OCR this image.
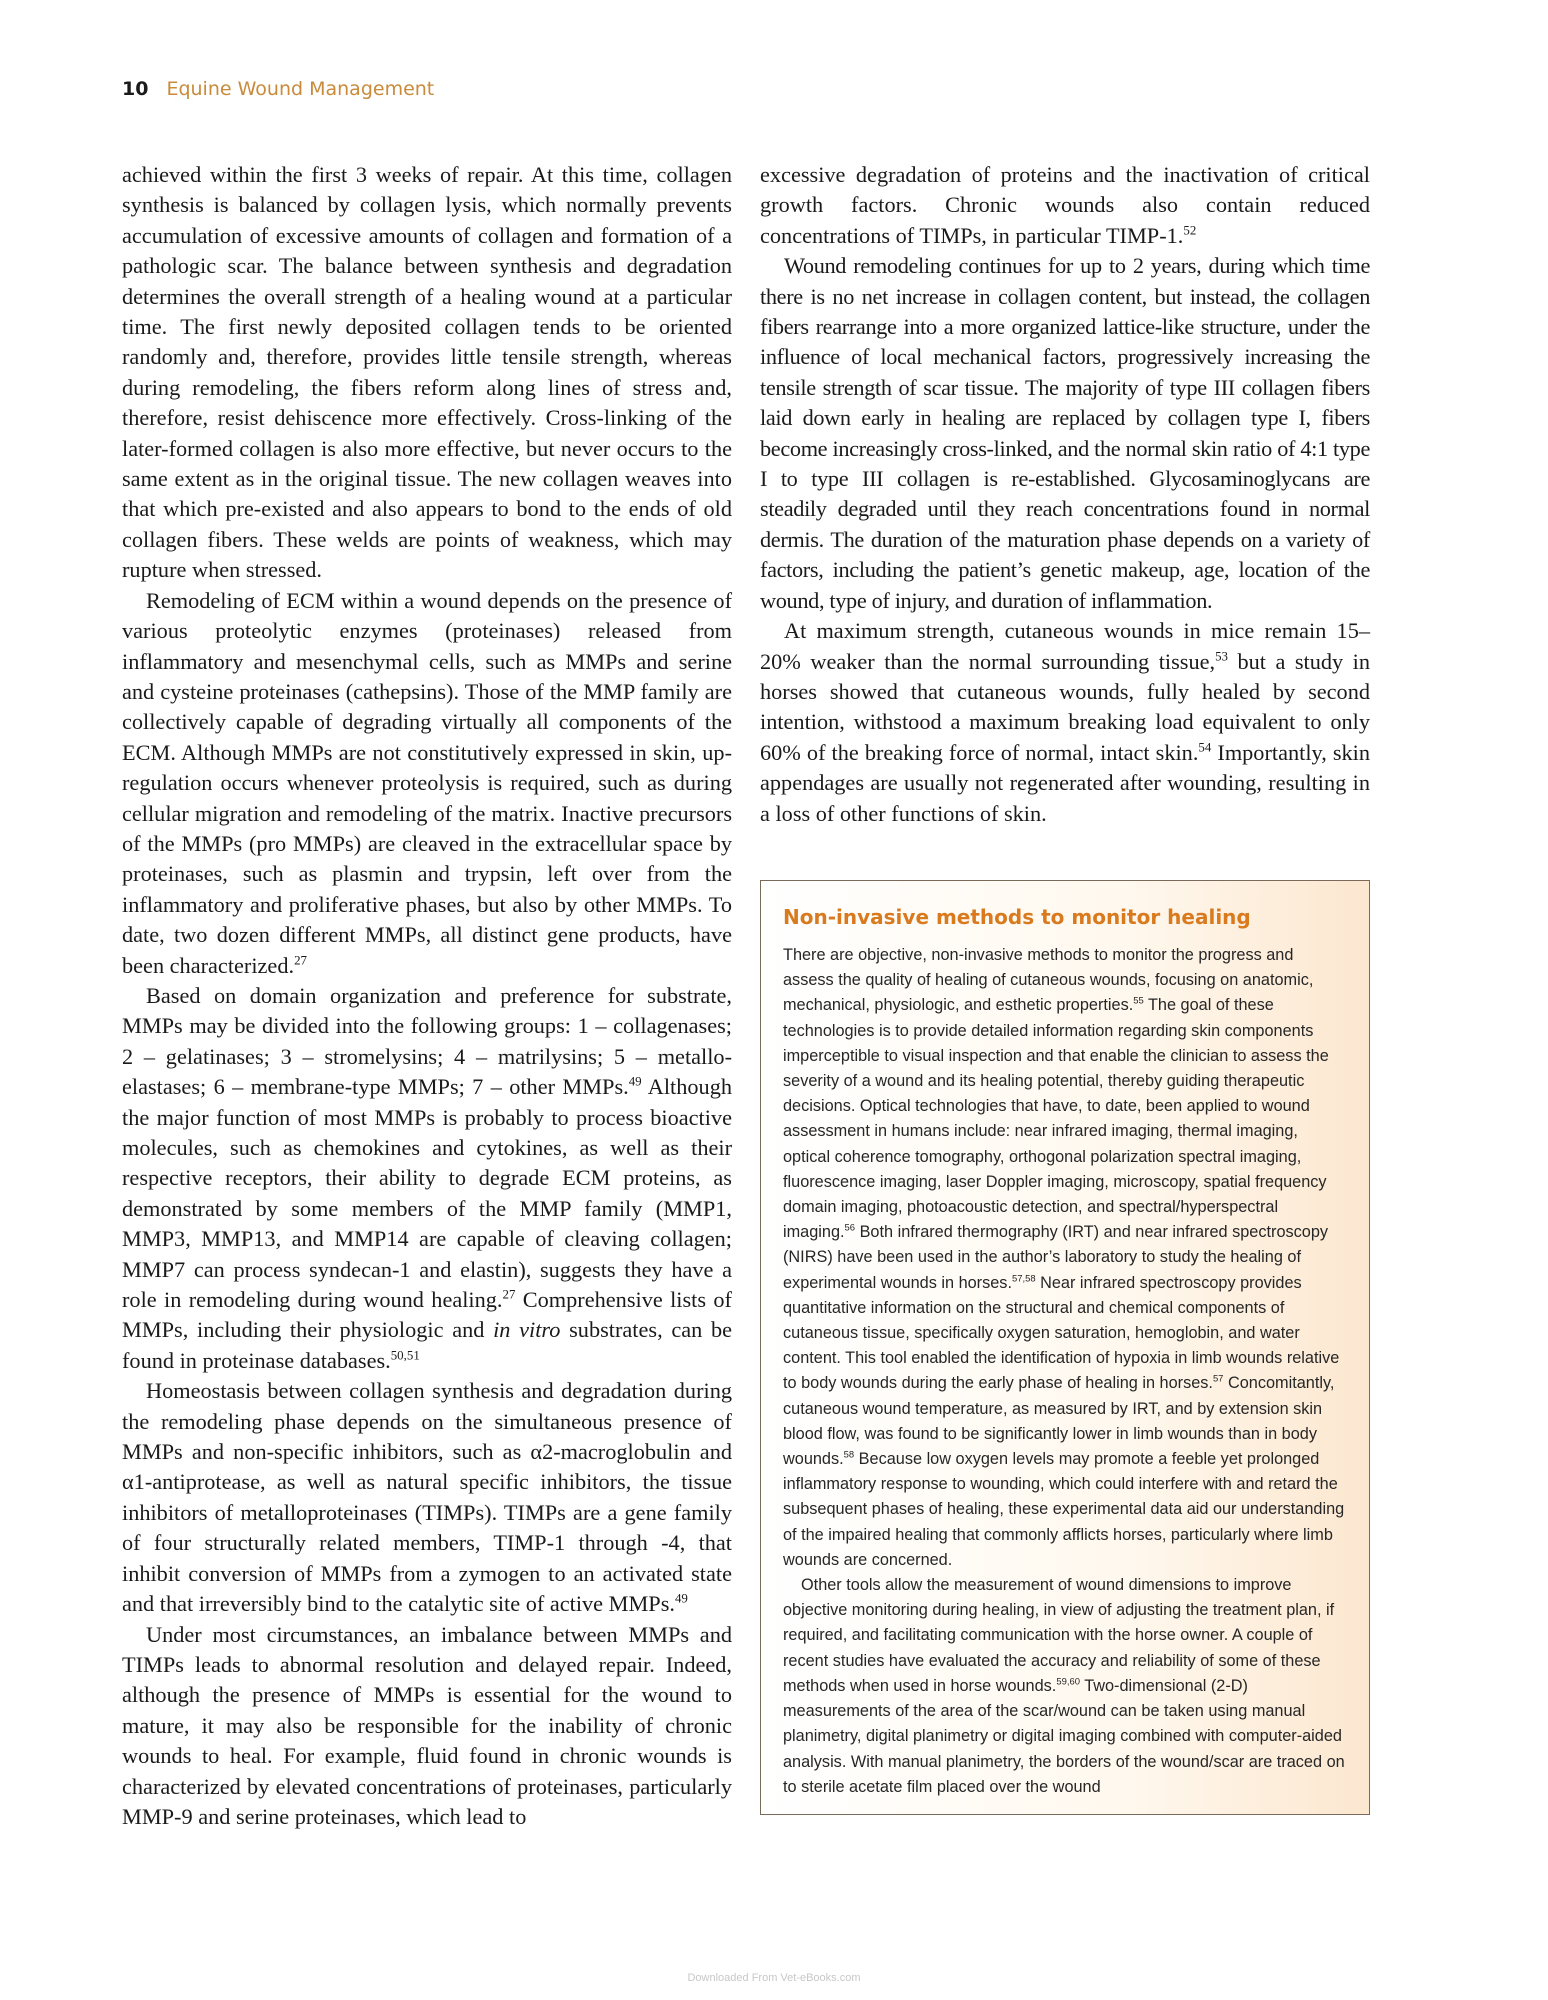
10 Equine Wound Management

achieved within the first 3 weeks of repair. At this time, collagen synthesis is balanced by collagen lysis, which normally prevents accumulation of excessive amounts of collagen and formation of a pathologic scar. The balance between synthesis and degradation determines the overall strength of a healing wound at a particular time. The first newly deposited collagen tends to be oriented randomly and, therefore, provides little tensile strength, whereas during remodeling, the fibers reform along lines of stress and, therefore, resist dehiscence more effectively. Cross-linking of the later-formed collagen is also more effective, but never occurs to the same extent as in the original tissue. The new collagen weaves into that which pre-existed and also appears to bond to the ends of old collagen fibers. These welds are points of weakness, which may rupture when stressed.

Remodeling of ECM within a wound depends on the presence of various proteolytic enzymes (proteinases) released from inflammatory and mesenchymal cells, such as MMPs and serine and cysteine proteinases (cathepsins). Those of the MMP family are collectively capable of degrading virtually all components of the ECM. Although MMPs are not constitutively expressed in skin, up-regulation occurs whenever proteolysis is required, such as during cellular migration and remodeling of the matrix. Inactive precursors of the MMPs (pro MMPs) are cleaved in the extracellular space by proteinases, such as plasmin and trypsin, left over from the inflammatory and proliferative phases, but also by other MMPs. To date, two dozen different MMPs, all distinct gene products, have been characterized.$^{27}$

Based on domain organization and preference for substrate, MMPs may be divided into the following groups: 1 – collagenases; 2 – gelatinases; 3 – stromelysins; 4 – matrilysins; 5 – metallo-elastases; 6 – membrane-type MMPs; 7 – other MMPs.$^{49}$ Although the major function of most MMPs is probably to process bioactive molecules, such as chemokines and cytokines, as well as their respective receptors, their ability to degrade ECM proteins, as demonstrated by some members of the MMP family (MMP1, MMP3, MMP13, and MMP14 are capable of cleaving collagen; MMP7 can process syndecan-1 and elastin), suggests they have a role in remodeling during wound healing.$^{27}$ Comprehensive lists of MMPs, including their physiologic and in vitro substrates, can be found in proteinase databases.$^{50,51}$

Homeostasis between collagen synthesis and degradation during the remodeling phase depends on the simultaneous presence of MMPs and non-specific inhibitors, such as α2-macroglobulin and α1-antiprotease, as well as natural specific inhibitors, the tissue inhibitors of metalloproteinases (TIMPs). TIMPs are a gene family of four structurally related members, TIMP-1 through -4, that inhibit conversion of MMPs from a zymogen to an activated state and that irreversibly bind to the catalytic site of active MMPs.$^{49}$

Under most circumstances, an imbalance between MMPs and TIMPs leads to abnormal resolution and delayed repair. Indeed, although the presence of MMPs is essential for the wound to mature, it may also be responsible for the inability of chronic wounds to heal. For example, fluid found in chronic wounds is characterized by elevated concentrations of proteinases, particularly MMP-9 and serine proteinases, which lead to

excessive degradation of proteins and the inactivation of critical growth factors. Chronic wounds also contain reduced concentrations of TIMPs, in particular TIMP-1.52

Wound remodeling continues for up to 2 years, during which time there is no net increase in collagen content, but instead, the collagen fibers rearrange into a more organized lattice-like structure, under the influence of local mechanical factors, progressively increasing the tensile strength of scar tissue. The majority of type III collagen fibers laid down early in healing are replaced by collagen type I, fibers become increasingly cross-linked, and the normal skin ratio of 4:1 type I to type III collagen is re-established. Glycosaminoglycans are steadily degraded until they reach concentrations found in normal dermis. The duration of the maturation phase depends on a variety of factors, including the patient’s genetic makeup, age, location of the wound, type of injury, and duration of inflammation.

At maximum strength, cutaneous wounds in mice remain 15–20% weaker than the normal surrounding tissue,$^{53}$ but a study in horses showed that cutaneous wounds, fully healed by second intention, withstood a maximum breaking load equivalent to only 60% of the breaking force of normal, intact skin.$^{54}$ Importantly, skin appendages are usually not regenerated after wounding, resulting in a loss of other functions of skin.

Non-invasive methods to monitor healing

There are objective, non-invasive methods to monitor the progress and assess the quality of healing of cutaneous wounds, focusing on anatomic, mechanical, physiologic, and esthetic properties.$^{55}$ The goal of these technologies is to provide detailed information regarding skin components imperceptible to visual inspection and that enable the clinician to assess the severity of a wound and its healing potential, thereby guiding therapeutic decisions. Optical technologies that have, to date, been applied to wound assessment in humans include: near infrared imaging, thermal imaging, optical coherence tomography, orthogonal polarization spectral imaging, fluorescence imaging, laser Doppler imaging, microscopy, spatial frequency domain imaging, photoacoustic detection, and spectral/hyperspectral imaging.$^{56}$ Both infrared thermography (IRT) and near infrared spectroscopy (NIRS) have been used in the author’s laboratory to study the healing of experimental wounds in horses.$^{57,58}$ Near infrared spectroscopy provides quantitative information on the structural and chemical components of cutaneous tissue, specifically oxygen saturation, hemoglobin, and water content. This tool enabled the identification of hypoxia in limb wounds relative to body wounds during the early phase of healing in horses.$^{57}$ Concomitantly, cutaneous wound temperature, as measured by IRT, and by extension skin blood flow, was found to be significantly lower in limb wounds than in body wounds.$^{58}$ Because low oxygen levels may promote a feeble yet prolonged inflammatory response to wounding, which could interfere with and retard the subsequent phases of healing, these experimental data aid our understanding of the impaired healing that commonly afflicts horses, particularly where limb wounds are concerned.

Other tools allow the measurement of wound dimensions to improve objective monitoring during healing, in view of adjusting the treatment plan, if required, and facilitating communication with the horse owner. A couple of recent studies have evaluated the accuracy and reliability of some of these methods when used in horse wounds.$^{59,60}$ Two-dimensional (2-D) measurements of the area of the scar/wound can be taken using manual planimetry, digital planimetry or digital imaging combined with computer-aided analysis. With manual planimetry, the borders of the wound/scar are traced on to sterile acetate film placed over the wound

Downloaded From Vet-eBooks.com
